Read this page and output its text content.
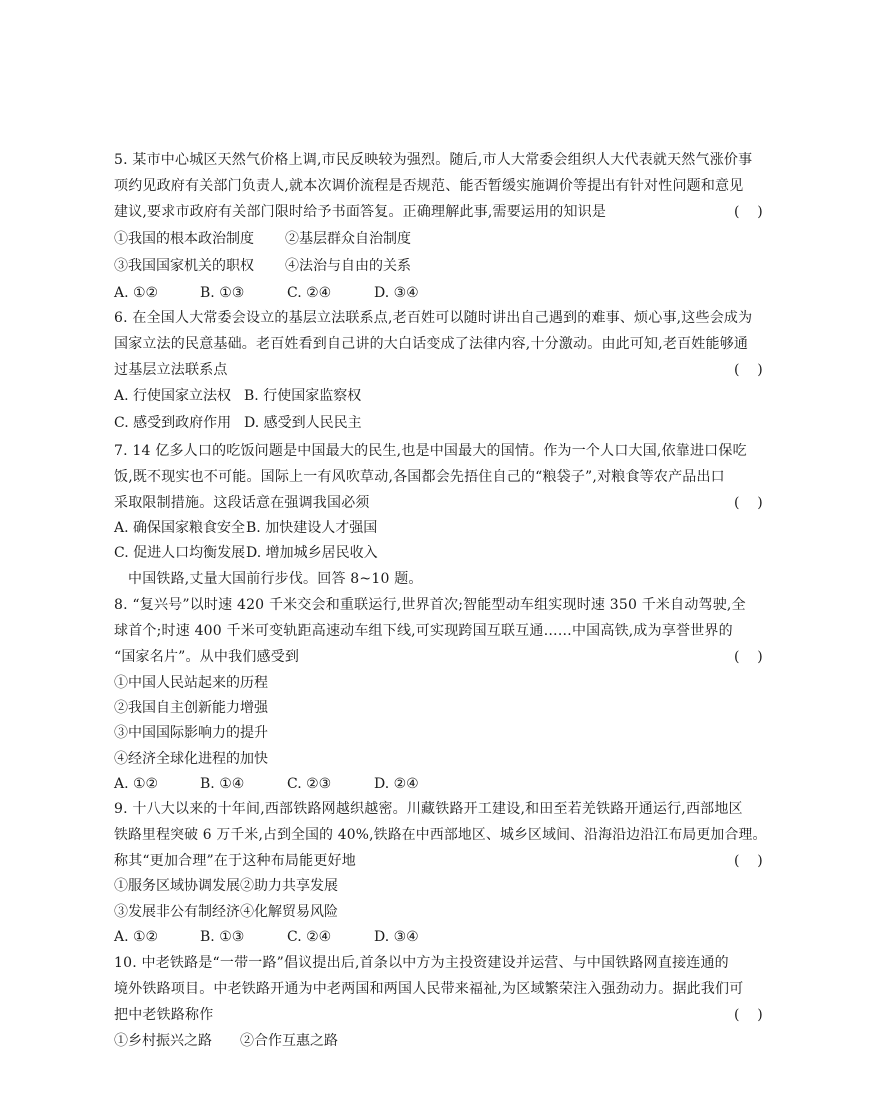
5. 某市中心城区天然气价格上调,市民反映较为强烈。随后,市人大常委会组织人大代表就天然气涨价事
项约见政府有关部门负责人,就本次调价流程是否规范、能否暂缓实施调价等提出有针对性问题和意见
建议,要求市政府有关部门限时给予书面答复。正确理解此事,需要运用的知识是	(    )
①我国的根本政治制度 ②基层群众自治制度
③我国国家机关的职权 ④法治与自由的关系
A. ①②	B. ①③	C. ②④	D. ③④
6. 在全国人大常委会设立的基层立法联系点,老百姓可以随时讲出自己遇到的难事、烦心事,这些会成为
国家立法的民意基础。老百姓看到自己讲的大白话变成了法律内容,十分激动。由此可知,老百姓能够通
过基层立法联系点	(    )
A. 行使国家立法权 B. 行使国家监察权
C. 感受到政府作用 D. 感受到人民民主
7. 14 亿多人口的吃饭问题是中国最大的民生,也是中国最大的国情。作为一个人口大国,依靠进口保吃
饭,既不现实也不可能。国际上一有风吹草动,各国都会先捂住自己的“粮袋子”,对粮食等农产品出口
采取限制措施。这段话意在强调我国必须	(    )
A. 确保国家粮食安全 B. 加快建设人才强国
C. 促进人口均衡发展 D. 增加城乡居民收入
中国铁路,丈量大国前行步伐。回答 8~10 题。
8. “复兴号”以时速 420 千米交会和重联运行,世界首次;智能型动车组实现时速 350 千米自动驾驶,全
球首个;时速 400 千米可变轨距高速动车组下线,可实现跨国互联互通……中国高铁,成为享誉世界的
“国家名片”。从中我们感受到	(    )
①中国人民站起来的历程
②我国自主创新能力增强
③中国国际影响力的提升
④经济全球化进程的加快
A. ①②	B. ①④	C. ②③	D. ②④
9. 十八大以来的十年间,西部铁路网越织越密。川藏铁路开工建设,和田至若羌铁路开通运行,西部地区
铁路里程突破 6 万千米,占到全国的 40%,铁路在中西部地区、城乡区域间、沿海沿边沿江布局更加合理。
称其“更加合理”在于这种布局能更好地	(    )
①服务区域协调发展②助力共享发展
③发展非公有制经济④化解贸易风险
A. ①②	B. ①③	C. ②④	D. ③④
10. 中老铁路是“一带一路”倡议提出后,首条以中方为主投资建设并运营、与中国铁路网直接连通的
境外铁路项目。中老铁路开通为中老两国和两国人民带来福祉,为区域繁荣注入强劲动力。据此我们可
把中老铁路称作	(    )
①乡村振兴之路 ②合作互惠之路
